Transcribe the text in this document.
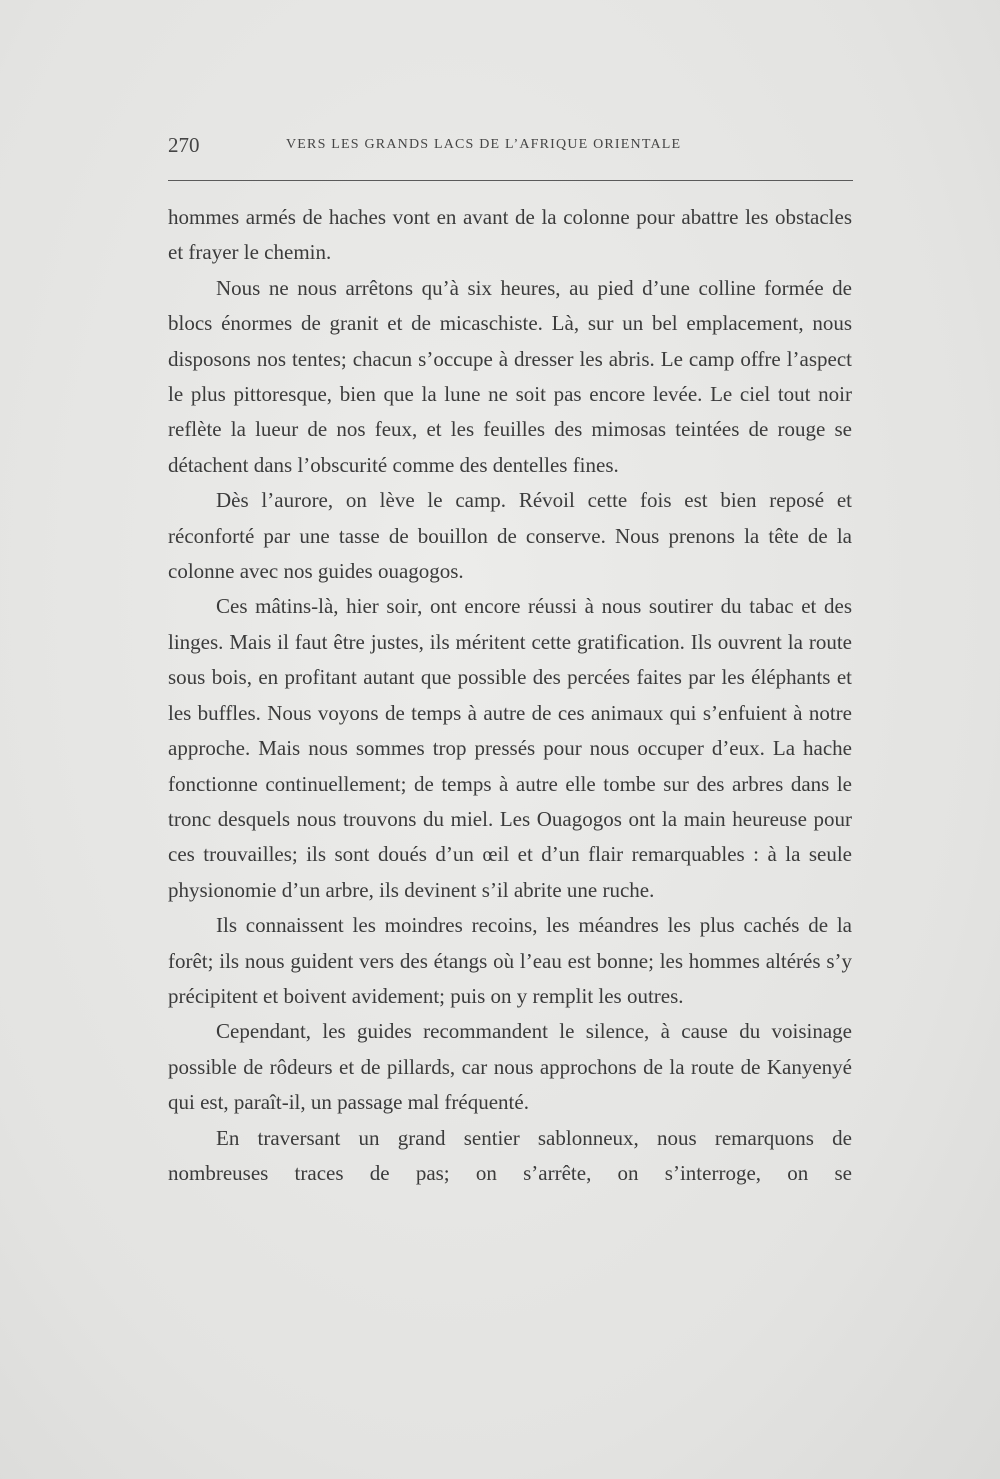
270	VERS LES GRANDS LACS DE L’AFRIQUE ORIENTALE

hommes armés de haches vont en avant de la colonne pour abattre les obstacles et frayer le chemin.

Nous ne nous arrêtons qu’à six heures, au pied d’une colline formée de blocs énormes de granit et de micaschiste. Là, sur un bel emplacement, nous disposons nos tentes; chacun s’occupe à dresser les abris. Le camp offre l’aspect le plus pittoresque, bien que la lune ne soit pas encore levée. Le ciel tout noir reflète la lueur de nos feux, et les feuilles des mimosas teintées de rouge se détachent dans l’obscurité comme des dentelles fines.

Dès l’aurore, on lève le camp. Révoil cette fois est bien reposé et réconforté par une tasse de bouillon de conserve. Nous prenons la tête de la colonne avec nos guides ouagogos.

Ces mâtins-là, hier soir, ont encore réussi à nous soutirer du tabac et des linges. Mais il faut être justes, ils méritent cette gratification. Ils ouvrent la route sous bois, en profitant autant que possible des percées faites par les éléphants et les buffles. Nous voyons de temps à autre de ces animaux qui s’enfuient à notre approche. Mais nous sommes trop pressés pour nous occuper d’eux. La hache fonctionne continuellement; de temps à autre elle tombe sur des arbres dans le tronc desquels nous trouvons du miel. Les Ouagogos ont la main heureuse pour ces trouvailles; ils sont doués d’un œil et d’un flair remarquables : à la seule physionomie d’un arbre, ils devinent s’il abrite une ruche.

Ils connaissent les moindres recoins, les méandres les plus cachés de la forêt; ils nous guident vers des étangs où l’eau est bonne; les hommes altérés s’y précipitent et boivent avidement; puis on y remplit les outres.

Cependant, les guides recommandent le silence, à cause du voisinage possible de rôdeurs et de pillards, car nous approchons de la route de Kanyenyé qui est, paraît-il, un passage mal fréquenté.

En traversant un grand sentier sablonneux, nous remarquons de nombreuses traces de pas; on s’arrête, on s’interroge, on se
